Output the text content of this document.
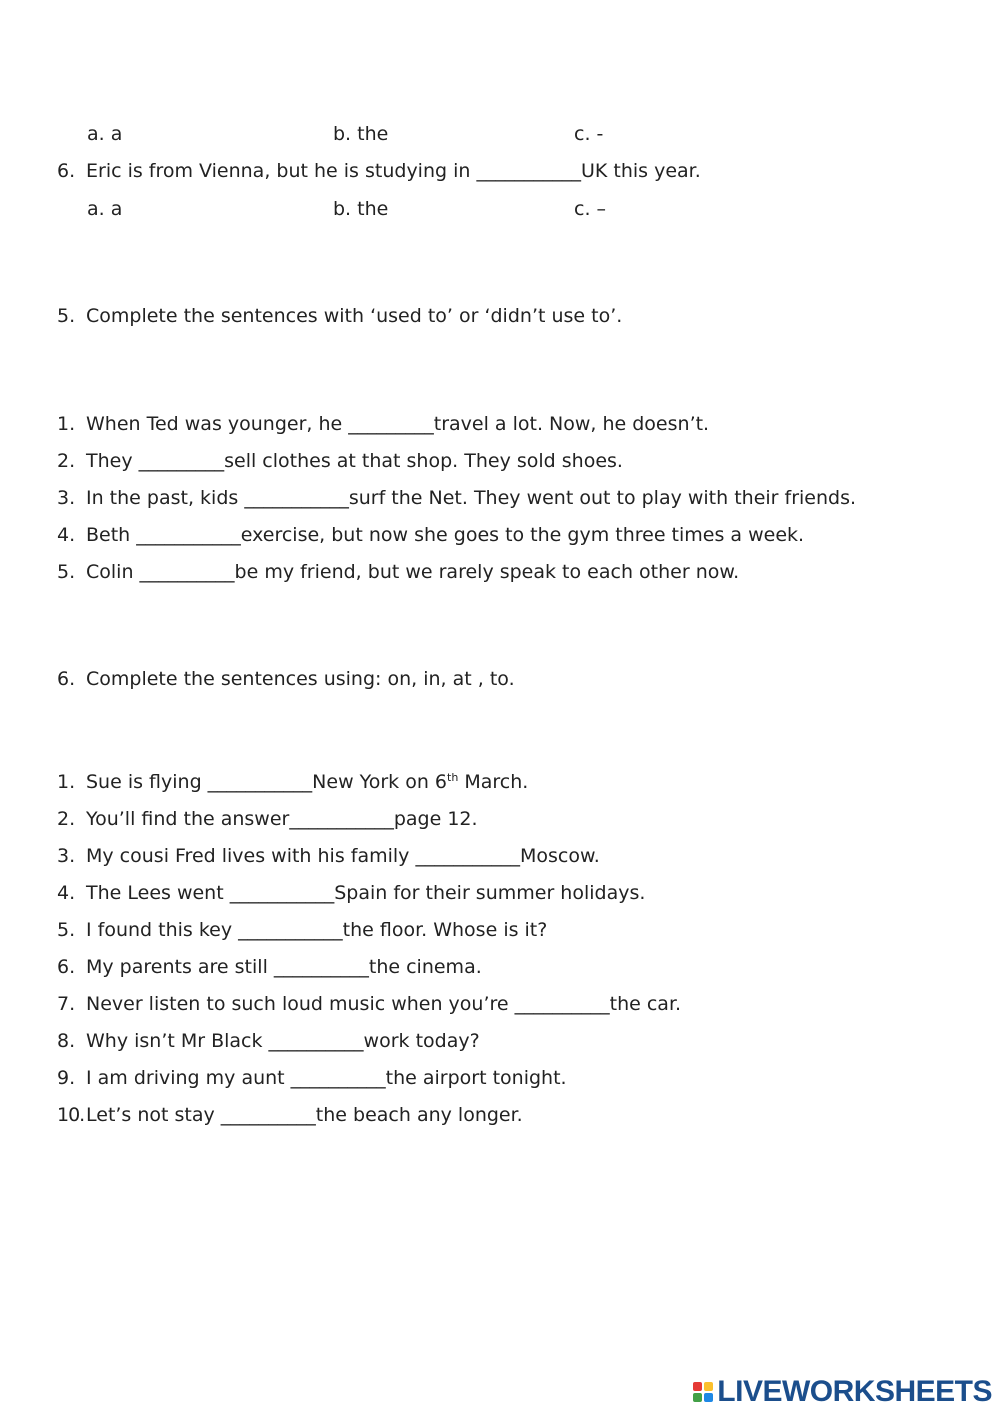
a. a	b. the	c. -
6. Eric is from Vienna, but he is studying in ___________UK this year.
a. a	b. the	c. –
5. Complete the sentences with ‘used to’ or ‘didn’t use to’.
1. When Ted was younger, he _________travel a lot. Now, he doesn’t.
2. They _________sell clothes at that shop. They sold shoes.
3. In the past, kids ___________surf the Net. They went out to play with their friends.
4. Beth ___________exercise, but now she goes to the gym three times a week.
5. Colin __________be my friend, but we rarely speak to each other now.
6. Complete the sentences using: on, in, at , to.
1. Sue is flying ___________New York on 6th March.
2. You’ll find the answer___________page 12.
3. My cousi Fred lives with his family ___________Moscow.
4. The Lees went ___________Spain for their summer holidays.
5. I found this key ___________the floor. Whose is it?
6. My parents are still __________the cinema.
7. Never listen to such loud music when you’re __________the car.
8. Why isn’t Mr Black __________work today?
9. I am driving my aunt __________the airport tonight.
10.Let’s not stay __________the beach any longer.
LIVEWORKSHEETS
